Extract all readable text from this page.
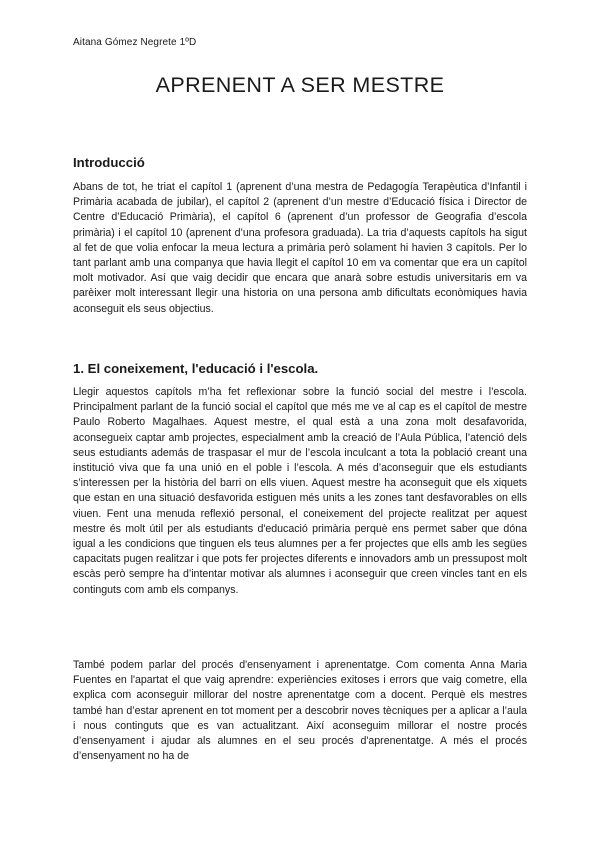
Aitana Gómez Negrete 1ºD
APRENENT A SER MESTRE
Introducció

Abans de tot, he triat el capítol 1 (aprenent d’una mestra de Pedagogía Terapèutica d’Infantil i Primària acabada de jubilar), el capítol 2 (aprenent d’un mestre d’Educació física i Director de Centre d’Educació Primària), el capítol 6 (aprenent d’un professor de Geografia d’escola primària) i el capítol 10 (aprenent d’una profesora graduada). La tria d’aquests capítols ha sigut al fet de que volia enfocar la meua lectura a primària però solament hi havien 3 capítols. Per lo tant parlant amb una companya que havia llegit el capítol 10 em va comentar que era un capítol molt motivador. Así que vaig decidir que encara que anarà sobre estudis universitaris em va parèixer molt interessant llegir una historia on una persona amb dificultats econòmiques havia aconseguit els seus objectius.

1. El coneixement, l'educació i l'escola.

Llegir aquestos capítols m’ha fet reflexionar sobre la funció social del mestre i l’escola. Principalment parlant de la funció social el capítol que més me ve al cap es el capítol de mestre Paulo Roberto Magalhaes. Aquest mestre, el qual està a una zona molt desafavorida, aconsegueix captar amb projectes, especialment amb la creació de l’Aula Pública, l’atenció dels seus estudiants además de traspasar el mur de l’escola inculcant a tota la població creant una institució viva que fa una unió en el poble i l’escola. A més d’aconseguir que els estudiants s’interessen per la història del barri on ells viuen. Aquest mestre ha aconseguit que els xiquets que estan en una situació desfavorida estiguen més units a les zones tant desfavorables on ells viuen. Fent una menuda reflexió personal, el coneixement del projecte realitzat per aquest mestre és molt útil per als estudiants d'educació primària perquè ens permet saber que dóna igual a les condicions que tinguen els teus alumnes per a fer projectes que ells amb les segües capacitats pugen realitzar i que pots fer projectes diferents e innovadors amb un pressupost molt escàs però sempre ha d’intentar motivar als alumnes i aconseguir que creen vincles tant en els continguts com amb els companys.

També podem parlar del procés d'ensenyament i aprenentatge. Com comenta Anna Maria Fuentes en l'apartat el que vaig aprendre: experiències exitoses i errors que vaig cometre, ella explica com aconseguir millorar del nostre aprenentatge com a docent. Perquè els mestres també han d’estar aprenent en tot moment per a descobrir noves tècniques per a aplicar a l’aula i nous continguts que es van actualitzant. Així aconseguim millorar el nostre procés d’ensenyament i ajudar als alumnes en el seu procés d'aprenentatge. A més el procés d’ensenyament no ha de
